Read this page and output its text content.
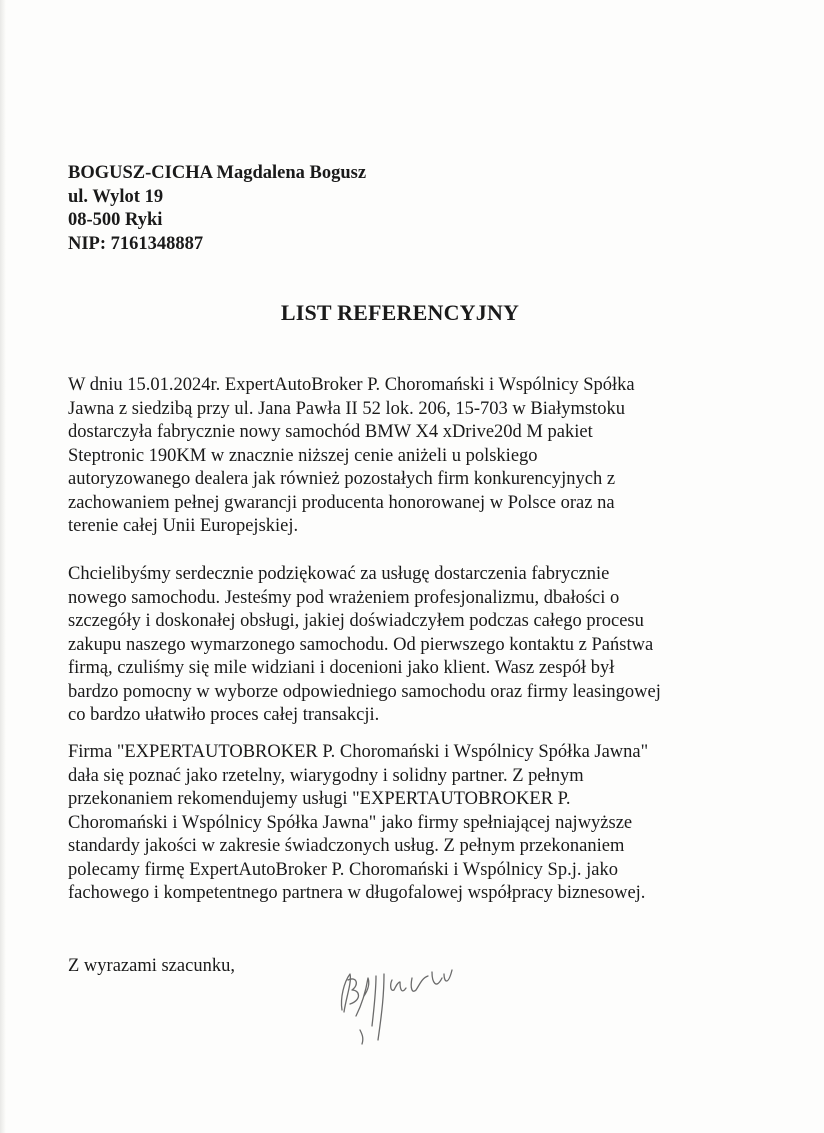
BOGUSZ-CICHA Magdalena Bogusz
ul. Wylot 19
08-500 Ryki
NIP: 7161348887
LIST REFERENCYJNY

W dniu 15.01.2024r. ExpertAutoBroker P. Choromański i Wspólnicy Spółka
Jawna z siedzibą przy ul. Jana Pawła II 52 lok. 206, 15-703 w Białymstoku
dostarczyła fabrycznie nowy samochód BMW X4 xDrive20d M pakiet
Steptronic 190KM w znacznie niższej cenie aniżeli u polskiego
autoryzowanego dealera jak również pozostałych firm konkurencyjnych z
zachowaniem pełnej gwarancji producenta honorowanej w Polsce oraz na
terenie całej Unii Europejskiej.

Chcielibyśmy serdecznie podziękować za usługę dostarczenia fabrycznie
nowego samochodu. Jesteśmy pod wrażeniem profesjonalizmu, dbałości o
szczegóły i doskonałej obsługi, jakiej doświadczyłem podczas całego procesu
zakupu naszego wymarzonego samochodu. Od pierwszego kontaktu z Państwa
firmą, czuliśmy się mile widziani i docenioni jako klient. Wasz zespół był
bardzo pomocny w wyborze odpowiedniego samochodu oraz firmy leasingowej
co bardzo ułatwiło proces całej transakcji.

Firma "EXPERTAUTOBROKER P. Choromański i Wspólnicy Spółka Jawna"
dała się poznać jako rzetelny, wiarygodny i solidny partner. Z pełnym
przekonaniem rekomendujemy usługi "EXPERTAUTOBROKER P.
Choromański i Wspólnicy Spółka Jawna" jako firmy spełniającej najwyższe
standardy jakości w zakresie świadczonych usług. Z pełnym przekonaniem
polecamy firmę ExpertAutoBroker P. Choromański i Wspólnicy Sp.j. jako
fachowego i kompetentnego partnera w długofalowej współpracy biznesowej.

Z wyrazami szacunku,
